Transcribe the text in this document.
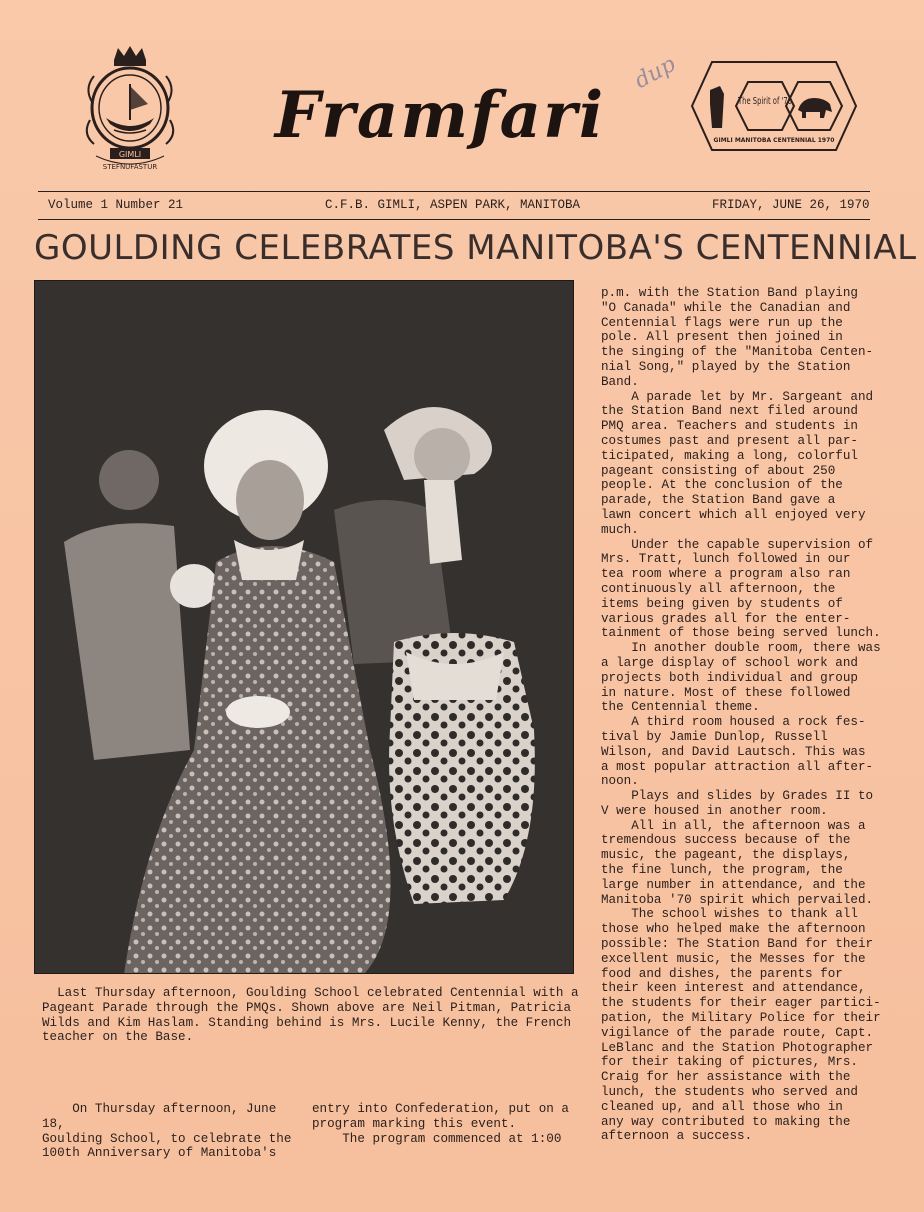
GIMLI
STEFNUFASTUR
dup
Framfari	The Spirit of '70
GIMLI MANITOBA CENTENNIAL 1970
Volume 1 Number 21	C.F.B. GIMLI, ASPEN PARK, MANITOBA	FRIDAY, JUNE 26, 1970
GOULDING CELEBRATES MANITOBA'S CENTENNIAL
Last Thursday afternoon, Goulding School celebrated Centennial with a
Pageant Parade through the PMQs. Shown above are Neil Pitman, Patricia
Wilds and Kim Haslam. Standing behind is Mrs. Lucile Kenny, the French
teacher on the Base.

On Thursday afternoon, June 18,
Goulding School, to celebrate the
100th Anniversary of Manitoba's

entry into Confederation, put on a
program marking this event.
The program commenced at 1:00

p.m. with the Station Band playing
"O Canada" while the Canadian and
Centennial flags were run up the
pole. All present then joined in
the singing of the "Manitoba Centen-
nial Song," played by the Station
Band.
A parade let by Mr. Sargeant and
the Station Band next filed around
PMQ area. Teachers and students in
costumes past and present all par-
ticipated, making a long, colorful
pageant consisting of about 250
people. At the conclusion of the
parade, the Station Band gave a
lawn concert which all enjoyed very
much.
Under the capable supervision of
Mrs. Tratt, lunch followed in our
tea room where a program also ran
continuously all afternoon, the
items being given by students of
various grades all for the enter-
tainment of those being served lunch.
In another double room, there was
a large display of school work and
projects both individual and group
in nature. Most of these followed
the Centennial theme.
A third room housed a rock fes-
tival by Jamie Dunlop, Russell
Wilson, and David Lautsch. This was
a most popular attraction all after-
noon.
Plays and slides by Grades II to
V were housed in another room.
All in all, the afternoon was a
tremendous success because of the
music, the pageant, the displays,
the fine lunch, the program, the
large number in attendance, and the
Manitoba '70 spirit which pervailed.
The school wishes to thank all
those who helped make the afternoon
possible: The Station Band for their
excellent music, the Messes for the
food and dishes, the parents for
their keen interest and attendance,
the students for their eager partici-
pation, the Military Police for their
vigilance of the parade route, Capt.
LeBlanc and the Station Photographer
for their taking of pictures, Mrs.
Craig for her assistance with the
lunch, the students who served and
cleaned up, and all those who in
any way contributed to making the
afternoon a success.
